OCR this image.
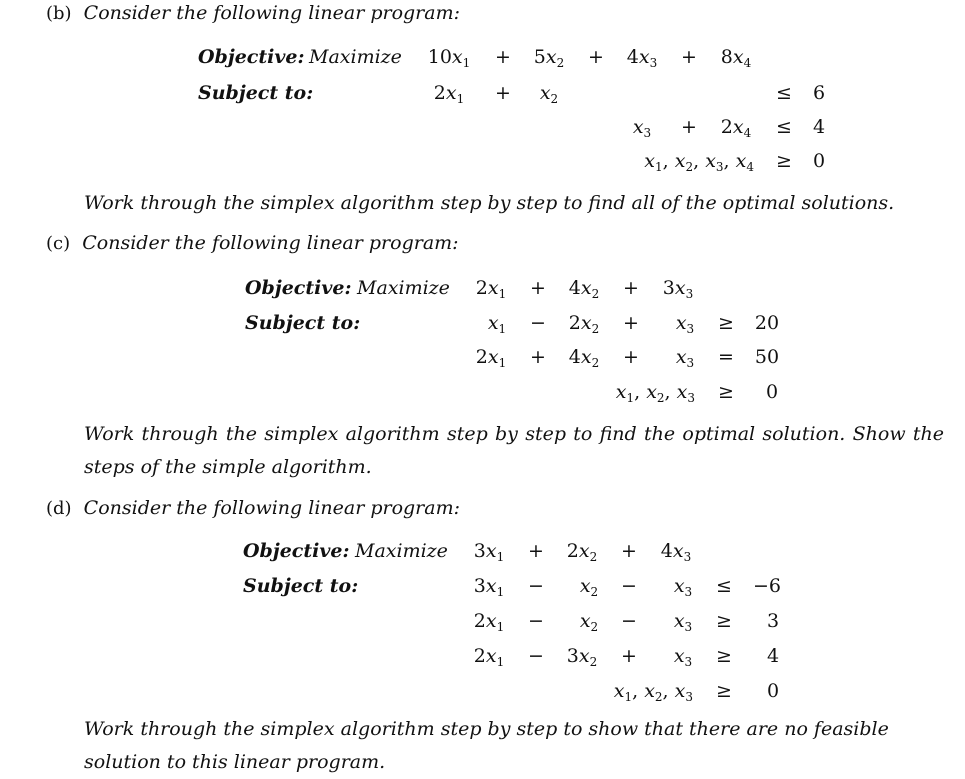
(b) Consider the following linear program:
Objective: Maximize
Subject to:
$10x_1 + 5x_2 + 4x_3 + 8x_4$
$2x_1 + x_2$	≤ 6
$x_3 + 2x_4 \le 4$
$x_1$, $x_2$, $x_3$, $x_4 \ge 0$
Work through the simplex algorithm step by step to find all of the optimal solutions.
(c) Consider the following linear program:
Objective: Maximize
Subject to:
$2x_1 + 4x_2 + 3x_3$
$x_1 - 2x_2 + x_3 \ge 20$
$2x_1 + 4x_2 + x_3 = 50$
$x_1$, $x_2$, $x_3 \ge 0$
Work through the simplex algorithm step by step to find the optimal solution. Show the steps of the simple algorithm.
(d) Consider the following linear program:
Objective: Maximize
Subject to:
$3x_1 + 2x_2 + 4x_3$
$3x_1 - x_2 - x_3 \le -6$
$2x_1 - x_2 - x_3 \ge 3$
$2x_1 - 3x_2 + x_3 \ge 4$
$x_1$, $x_2$, $x_3 \ge 0$
Work through the simplex algorithm step by step to show that there are no feasible solution to this linear program.
